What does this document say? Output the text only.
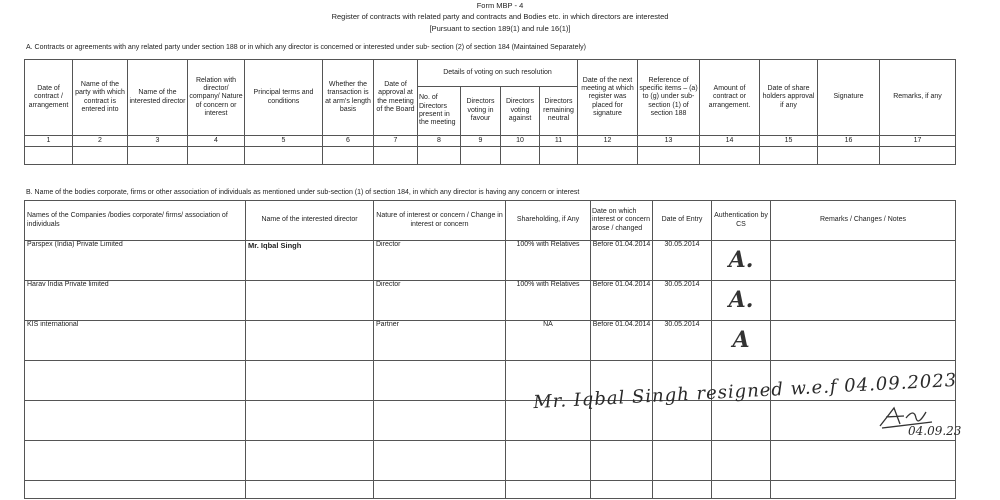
Form MBP - 4
Register of contracts with related party and contracts and Bodies etc. in which directors are interested
[Pursuant to section 189(1) and rule 16(1)]
A. Contracts or agreements with any related party under section 188 or in which any director is concerned or interested under sub- section (2) of section 184 (Maintained Separately)
Date of contract / arrangement	Name of the party with which contract is entered into	Name of the interested director	Relation with director/ company/ Nature of concern or interest	Principal terms and conditions	Whether the transaction is at arm's length basis	Date of approval at the meeting of the Board	Details of voting on such resolution				Date of the next meeting at which register was placed for signature	Reference of specific items – (a) to (g) under sub-section (1) of section 188	Amount of contract or arrangement.	Date of share holders approval if any	Signature	Remarks, if any
							No. of Directors present in the meeting	Directors voting in favour	Directors voting against	Directors remaining neutral						
1	2	3	4	5	6	7	8	9	10	11	12	13	14	15	16	17

B. Name of the bodies corporate, firms or other association of individuals as mentioned under sub-section (1) of section 184, in which any director is having any concern or interest
Names of the Companies /bodies corporate/ firms/ association of individuals	Name of the interested director	Nature of interest or concern / Change in interest or concern	Shareholding, if Any	Date on which interest or concern arose / changed	Date of Entry	Authentication by CS	Remarks / Changes / Notes
Parspex (India) Private Limited	Mr. Iqbal Singh	Director	100% with Relatives	Before 01.04.2014	30.05.2014	A.	
Harav India Private limited		Director	100% with Relatives	Before 01.04.2014	30.05.2014	A.	
KIS international		Partner	NA	Before 01.04.2014	30.05.2014	A	

Mr. Iqbal Singh resigned w.e.f 04.09.2023
04.09.23
